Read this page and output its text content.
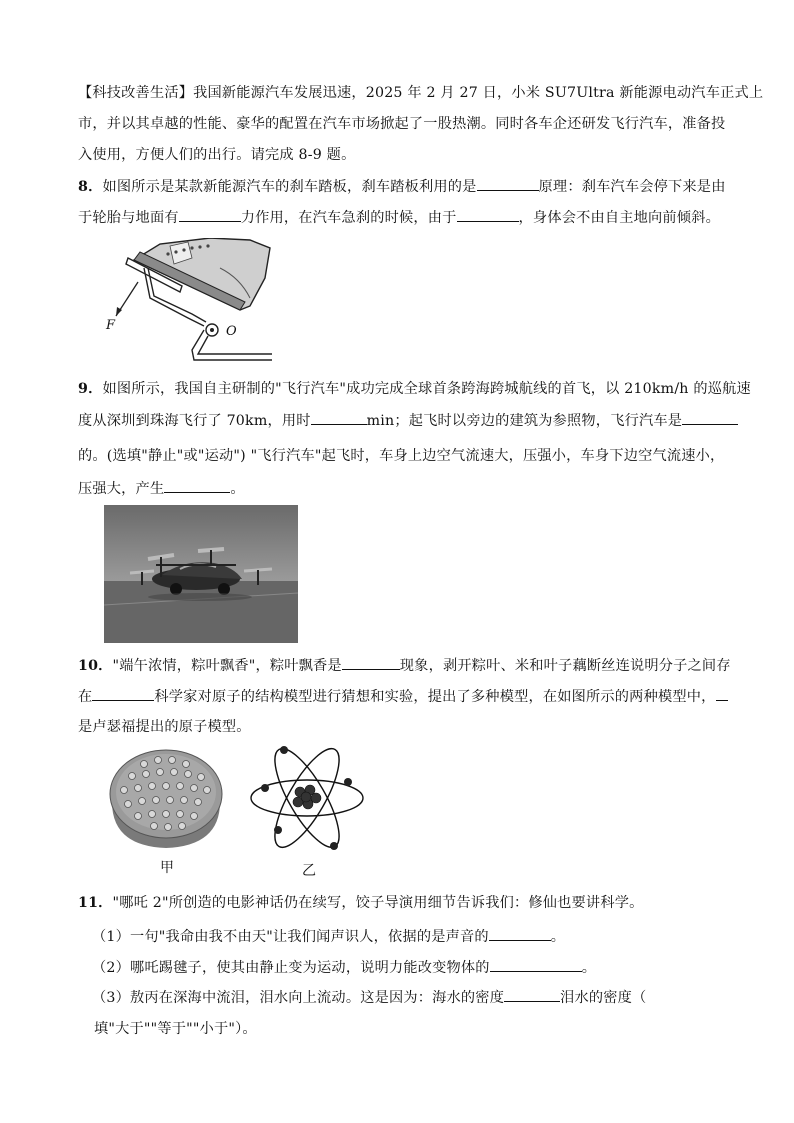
【科技改善生活】我国新能源汽车发展迅速，2025 年 2 月 27 日，小米 SU7Ultra 新能源电动汽车正式上
市，并以其卓越的性能、豪华的配置在汽车市场掀起了一股热潮。同时各车企还研发飞行汽车，准备投
入使用，方便人们的出行。请完成 8-9 题。
8．如图所示是某款新能源汽车的刹车踏板，刹车踏板利用的是	原理：刹车汽车会停下来是由
于轮胎与地面有	力作用，在汽车急刹的时候，由于	，身体会不由自主地向前倾斜。
F	O
9．如图所示，我国自主研制的"飞行汽车"成功完成全球首条跨海跨城航线的首飞，以 210km/h 的巡航速
度从深圳到珠海飞行了 70km，用时	min；起飞时以旁边的建筑为参照物，飞行汽车是
的。(选填"静止"或"运动") "飞行汽车"起飞时，车身上边空气流速大，压强小，车身下边空气流速小，
压强大，产生	。
10．"端午浓情，粽叶飘香"，粽叶飘香是	现象，剥开粽叶、米和叶子藕断丝连说明分子之间存
在	科学家对原子的结构模型进行猜想和实验，提出了多种模型，在如图所示的两种模型中，
是卢瑟福提出的原子模型。
甲	乙
11．"哪吒 2"所创造的电影神话仍在续写，饺子导演用细节告诉我们：修仙也要讲科学。
（1）一句"我命由我不由天"让我们闻声识人，依据的是声音的	。
（2）哪吒踢毽子，使其由静止变为运动，说明力能改变物体的	。
（3）敖丙在深海中流泪，泪水向上流动。这是因为：海水的密度	泪水的密度（
填"大于""等于""小于"）。
